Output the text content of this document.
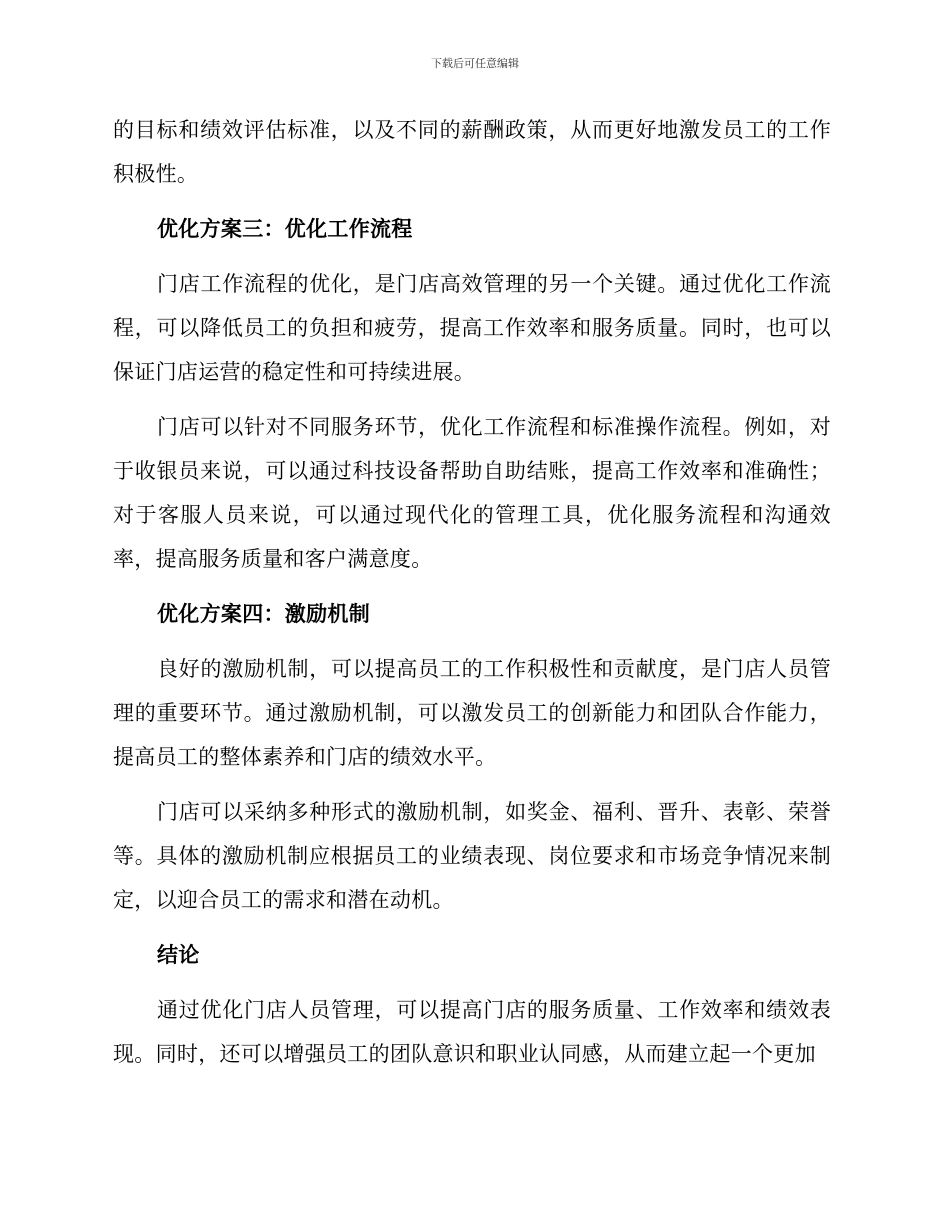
下载后可任意编辑

的目标和绩效评估标准，以及不同的薪酬政策，从而更好地激发员工的工作积极性。

优化方案三：优化工作流程

门店工作流程的优化，是门店高效管理的另一个关键。通过优化工作流程，可以降低员工的负担和疲劳，提高工作效率和服务质量。同时，也可以保证门店运营的稳定性和可持续进展。

门店可以针对不同服务环节，优化工作流程和标准操作流程。例如，对于收银员来说，可以通过科技设备帮助自助结账，提高工作效率和准确性；对于客服人员来说，可以通过现代化的管理工具，优化服务流程和沟通效率，提高服务质量和客户满意度。

优化方案四：激励机制

良好的激励机制，可以提高员工的工作积极性和贡献度，是门店人员管理的重要环节。通过激励机制，可以激发员工的创新能力和团队合作能力，提高员工的整体素养和门店的绩效水平。

门店可以采纳多种形式的激励机制，如奖金、福利、晋升、表彰、荣誉等。具体的激励机制应根据员工的业绩表现、岗位要求和市场竞争情况来制定，以迎合员工的需求和潜在动机。

结论

通过优化门店人员管理，可以提高门店的服务质量、工作效率和绩效表现。同时，还可以增强员工的团队意识和职业认同感，从而建立起一个更加
